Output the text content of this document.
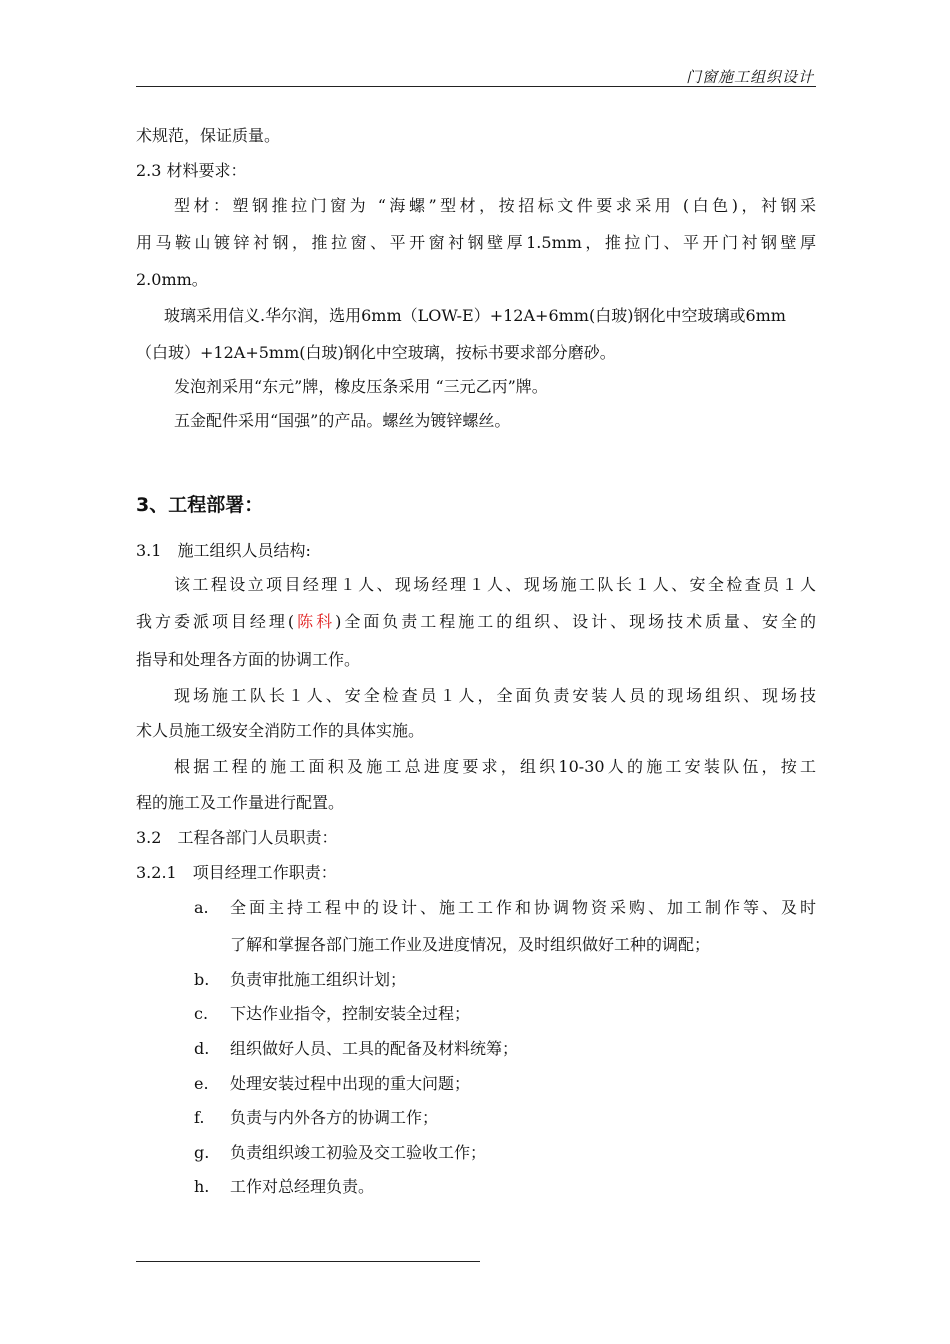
门窗施工组织设计
术规范，保证质量。
2.3 材料要求：
型材：塑钢推拉门窗为 “海螺”型材，按招标文件要求采用 (白色)，衬钢采
用马鞍山镀锌衬钢，推拉窗、平开窗衬钢壁厚1.5mm，推拉门、平开门衬钢壁厚
2.0mm。
玻璃采用信义.华尔润，选用6mm（LOW-E）+12A+6mm(白玻)钢化中空玻璃或6mm
（白玻）+12A+5mm(白玻)钢化中空玻璃，按标书要求部分磨砂。
发泡剂采用“东元”牌，橡皮压条采用 “三元乙丙”牌。
五金配件采用“国强”的产品。螺丝为镀锌螺丝。
3、工程部署：
3.1　施工组织人员结构:
该工程设立项目经理１人、现场经理１人、现场施工队长１人、安全检查员１人
我方委派项目经理(陈科)全面负责工程施工的组织、设计、现场技术质量、安全的
指导和处理各方面的协调工作。
现场施工队长１人、安全检查员１人，全面负责安装人员的现场组织、现场技
术人员施工级安全消防工作的具体实施。
根据工程的施工面积及施工总进度要求，组织10-30人的施工安装队伍，按工
程的施工及工作量进行配置。
3.2　工程各部门人员职责：
3.2.1　项目经理工作职责：
a. 全面主持工程中的设计、施工工作和协调物资采购、加工制作等、及时
了解和掌握各部门施工作业及进度情况，及时组织做好工种的调配；
b. 负责审批施工组织计划；
c. 下达作业指令，控制安装全过程；
d. 组织做好人员、工具的配备及材料统筹；
e. 处理安装过程中出现的重大问题；
f. 负责与内外各方的协调工作；
g. 负责组织竣工初验及交工验收工作；
h. 工作对总经理负责。
